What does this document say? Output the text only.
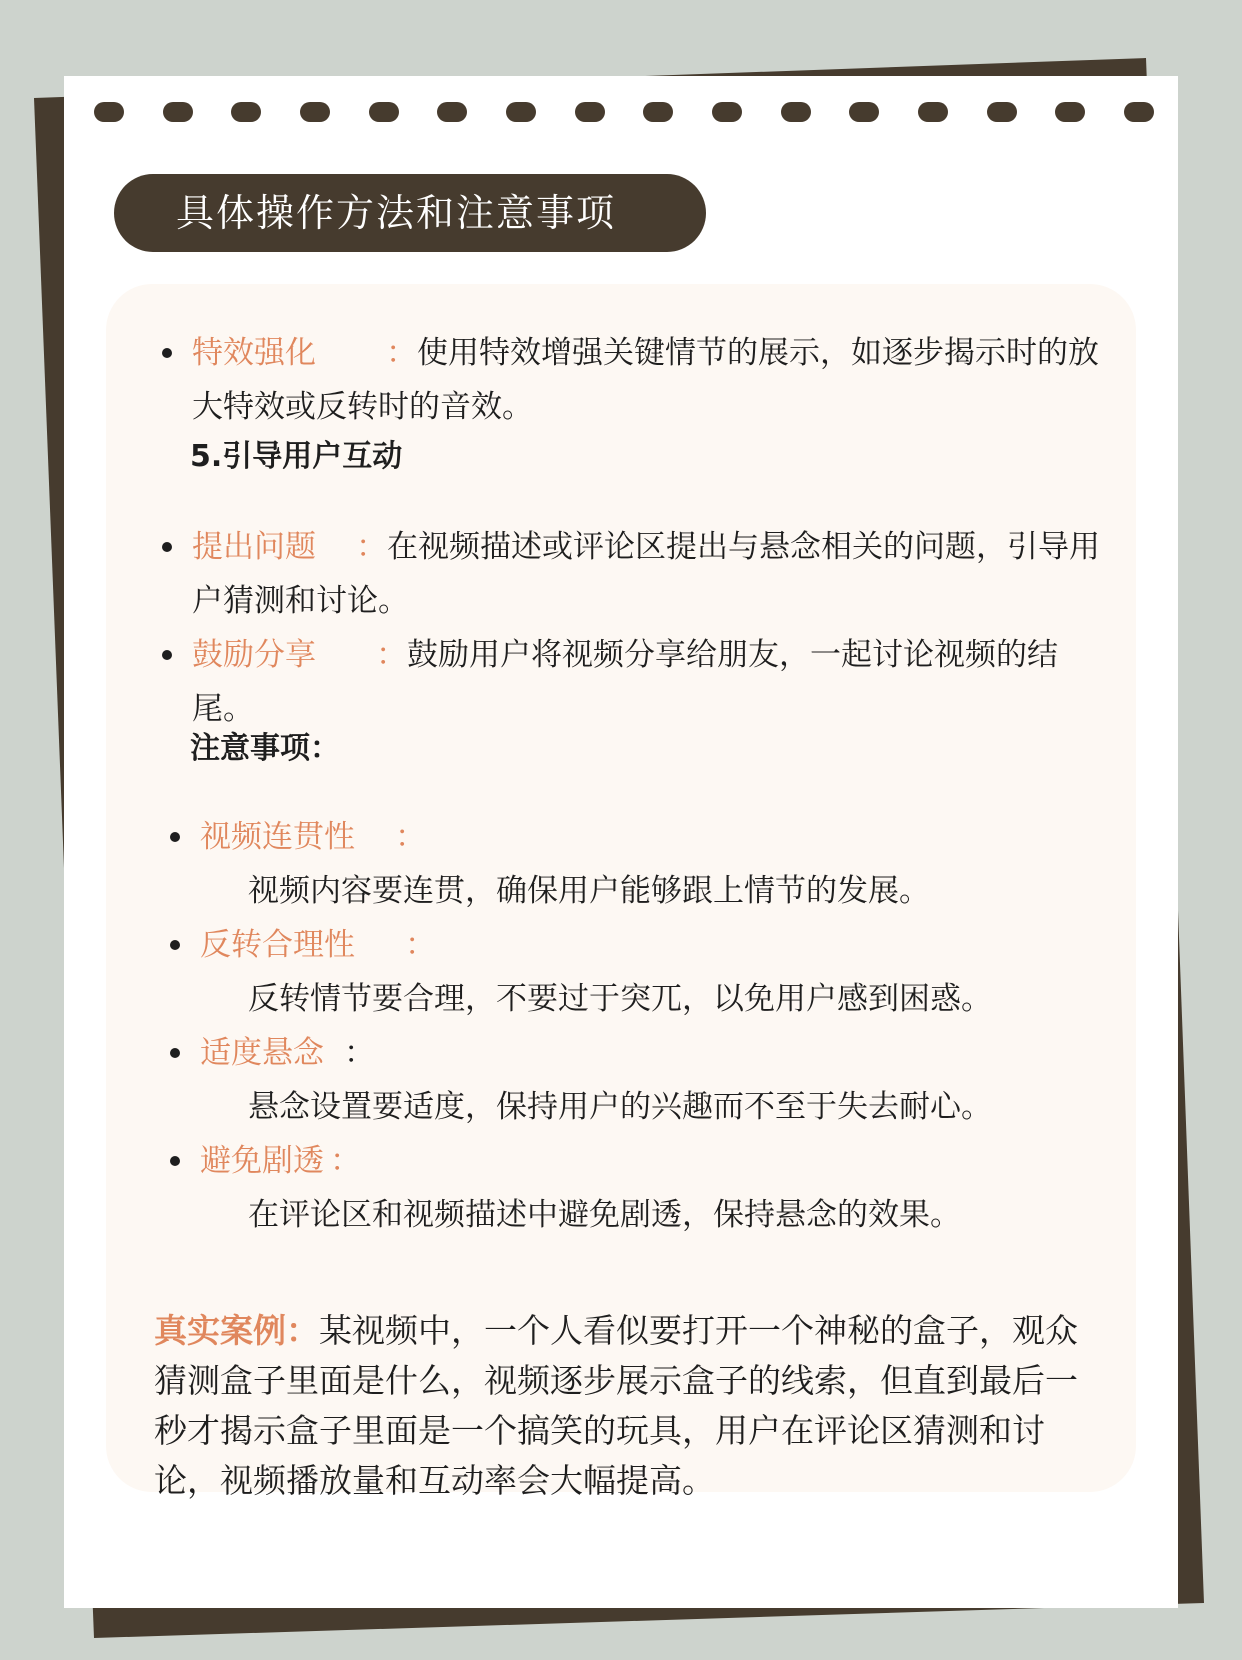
具体操作方法和注意事项
特效强化 ：使用特效增强关键情节的展示，如逐步揭示时的放大特效或反转时的音效。
5.引导用户互动
提出问题 ：在视频描述或评论区提出与悬念相关的问题，引导用户猜测和讨论。
鼓励分享 ：鼓励用户将视频分享给朋友，一起讨论视频的结尾。
注意事项：
视频连贯性 ：
视频内容要连贯，确保用户能够跟上情节的发展。
反转合理性 ：
反转情节要合理，不要过于突兀，以免用户感到困惑。
适度悬念 ：
悬念设置要适度，保持用户的兴趣而不至于失去耐心。
避免剧透 ：
在评论区和视频描述中避免剧透，保持悬念的效果。
真实案例：某视频中，一个人看似要打开一个神秘的盒子，观众猜测盒子里面是什么，视频逐步展示盒子的线索，但直到最后一秒才揭示盒子里面是一个搞笑的玩具，用户在评论区猜测和讨论，视频播放量和互动率会大幅提高。
